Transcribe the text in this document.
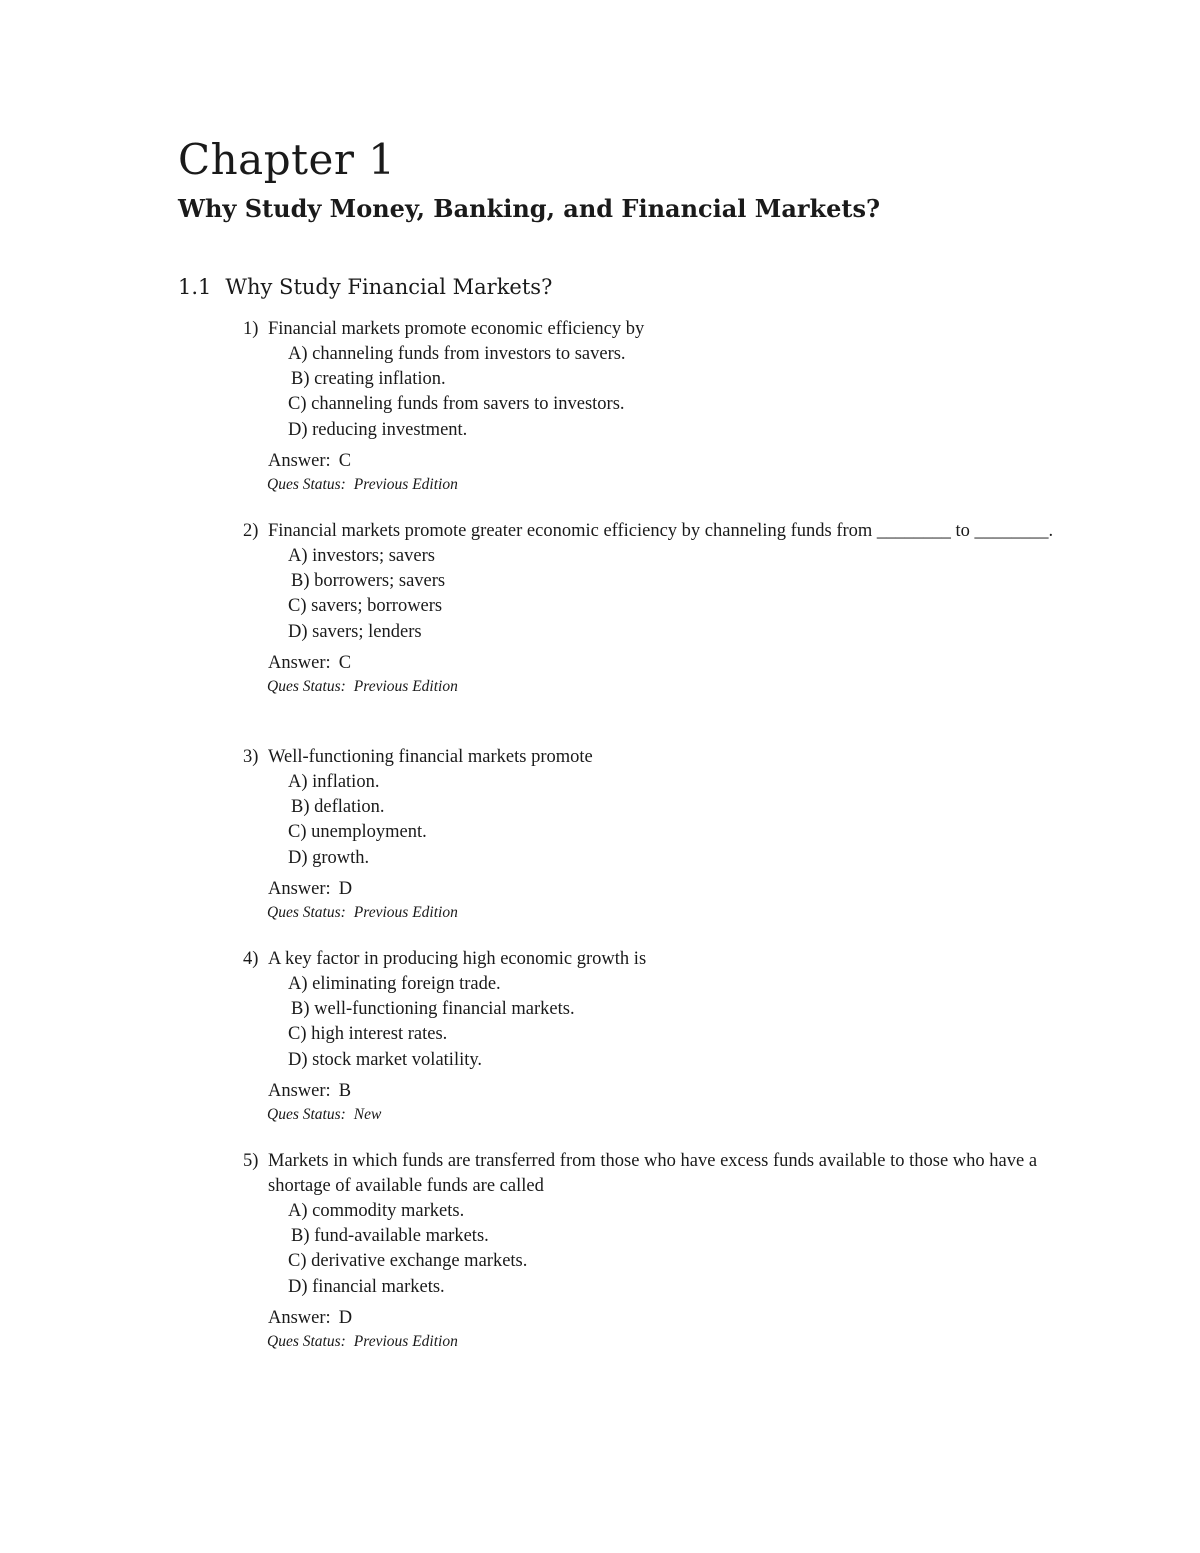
Chapter 1
Why Study Money, Banking, and Financial Markets?
1.1 Why Study Financial Markets?
1) Financial markets promote economic efficiency by
A) channeling funds from investors to savers.
B) creating inflation.
C) channeling funds from savers to investors.
D) reducing investment.
Answer: C
Ques Status: Previous Edition
2) Financial markets promote greater economic efficiency by channeling funds from ________ to ________.
A) investors; savers
B) borrowers; savers
C) savers; borrowers
D) savers; lenders
Answer: C
Ques Status: Previous Edition
3) Well-functioning financial markets promote
A) inflation.
B) deflation.
C) unemployment.
D) growth.
Answer: D
Ques Status: Previous Edition
4) A key factor in producing high economic growth is
A) eliminating foreign trade.
B) well-functioning financial markets.
C) high interest rates.
D) stock market volatility.
Answer: B
Ques Status: New
5) Markets in which funds are transferred from those who have excess funds available to those who have a shortage of available funds are called
A) commodity markets.
B) fund-available markets.
C) derivative exchange markets.
D) financial markets.
Answer: D
Ques Status: Previous Edition
